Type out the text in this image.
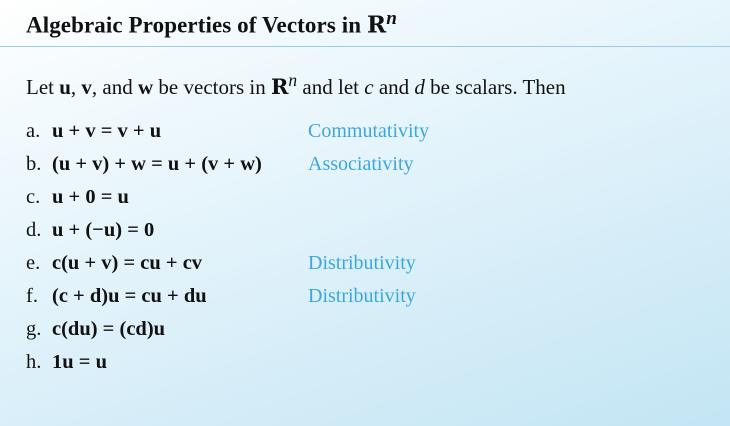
Algebraic Properties of Vectors in $R^n$
Let u, v, and w be vectors in $R^n$ and let c and d be scalars. Then
a. u + v = v + u	Commutativity
b. (u + v) + w = u + (v + w) Associativity
c. u + 0 = u
d. u + (−u) = 0
e. c(u + v) = cu + cv	Distributivity
f. (c + d)u = cu + du	Distributivity
g. c(du) = (cd)u
h. 1u = u
